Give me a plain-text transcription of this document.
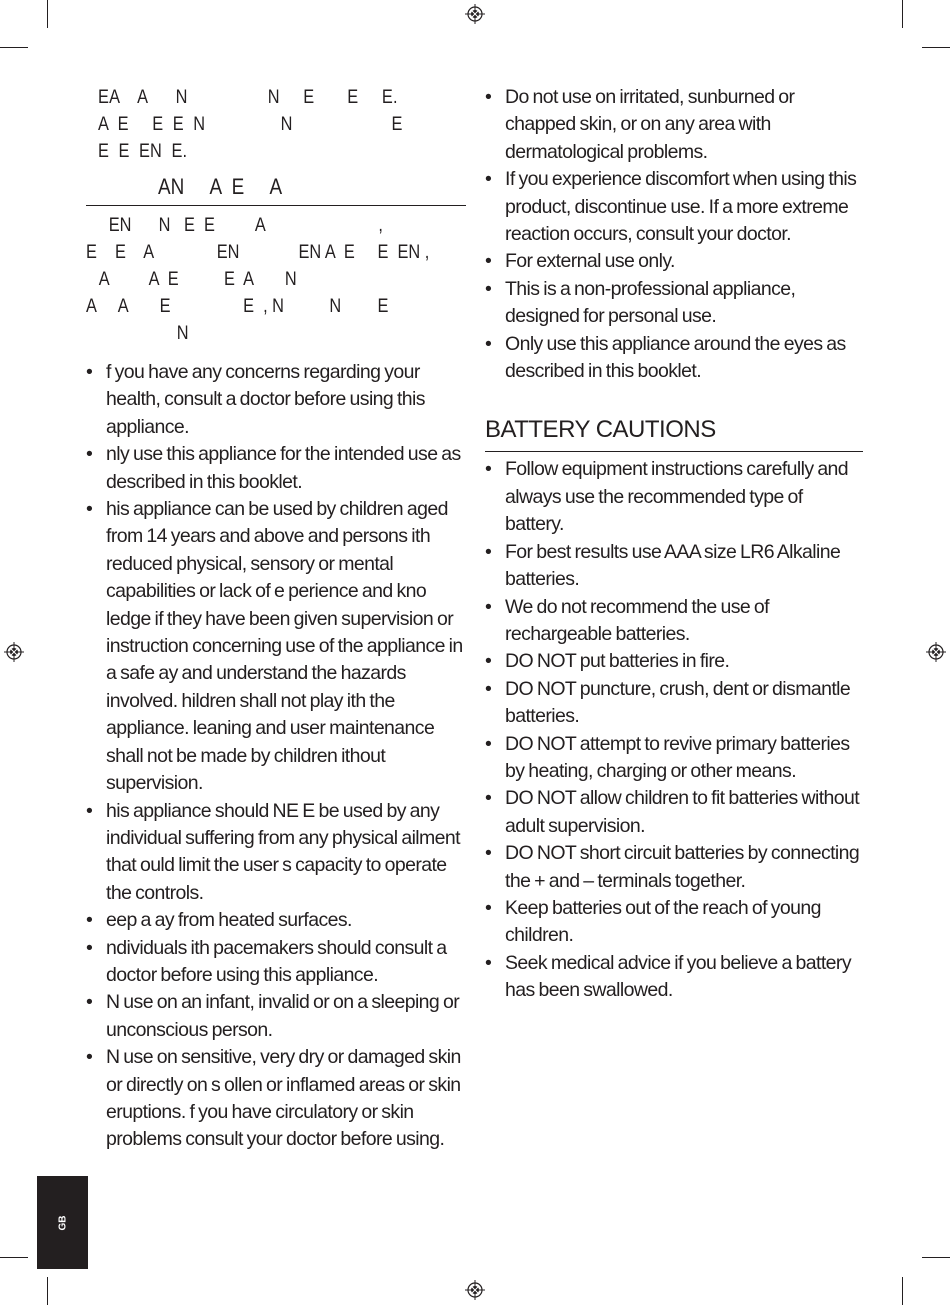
EA    A      N                 N     E       E     E.
A  E     E  E  N                N                     E
E  E  EN  E.
AN     A  E     A
EN      N   E  E         A                         ,
E    E    A              EN             EN A  E     E  EN ,
A         A  E          E  A       N
A     A       E                E  , N          N        E
N
• f you have any concerns regarding your health, consult a doctor before using this appliance.
• nly use this appliance for the intended use as described in this booklet.
• his appliance can be used by children aged from 14 years and above and persons ith reduced physical, sensory or mental capabilities or lack of e perience and kno ledge if they have been given supervision or instruction concerning use of the appliance in a safe ay and understand the hazards involved. hildren shall not play ith the appliance. leaning and user maintenance shall not be made by children ithout supervision.
• his appliance should NE E be used by any individual suffering from any physical ailment that ould limit the user s capacity to operate the controls.
• eep a ay from heated surfaces.
• ndividuals ith pacemakers should consult a doctor before using this appliance.
• N use on an infant, invalid or on a sleeping or unconscious person.
• N use on sensitive, very dry or damaged skin or directly on s ollen or inflamed areas or skin eruptions. f you have circulatory or skin problems consult your doctor before using.
• Do not use on irritated, sunburned or chapped skin, or on any area with dermatological problems.
• If you experience discomfort when using this product, discontinue use. If a more extreme reaction occurs, consult your doctor.
• For external use only.
• This is a non-professional appliance, designed for personal use.
• Only use this appliance around the eyes as described in this booklet.
BATTERY CAUTIONS
• Follow equipment instructions carefully and always use the recommended type of battery.
• For best results use AAA size LR6 Alkaline batteries.
• We do not recommend the use of rechargeable batteries.
• DO NOT put batteries in fire.
• DO NOT puncture, crush, dent or dismantle batteries.
• DO NOT attempt to revive primary batteries by heating, charging or other means.
• DO NOT allow children to fit batteries without adult supervision.
• DO NOT short circuit batteries by connecting the + and – terminals together.
• Keep batteries out of the reach of young children.
• Seek medical advice if you believe a battery has been swallowed.
GB
